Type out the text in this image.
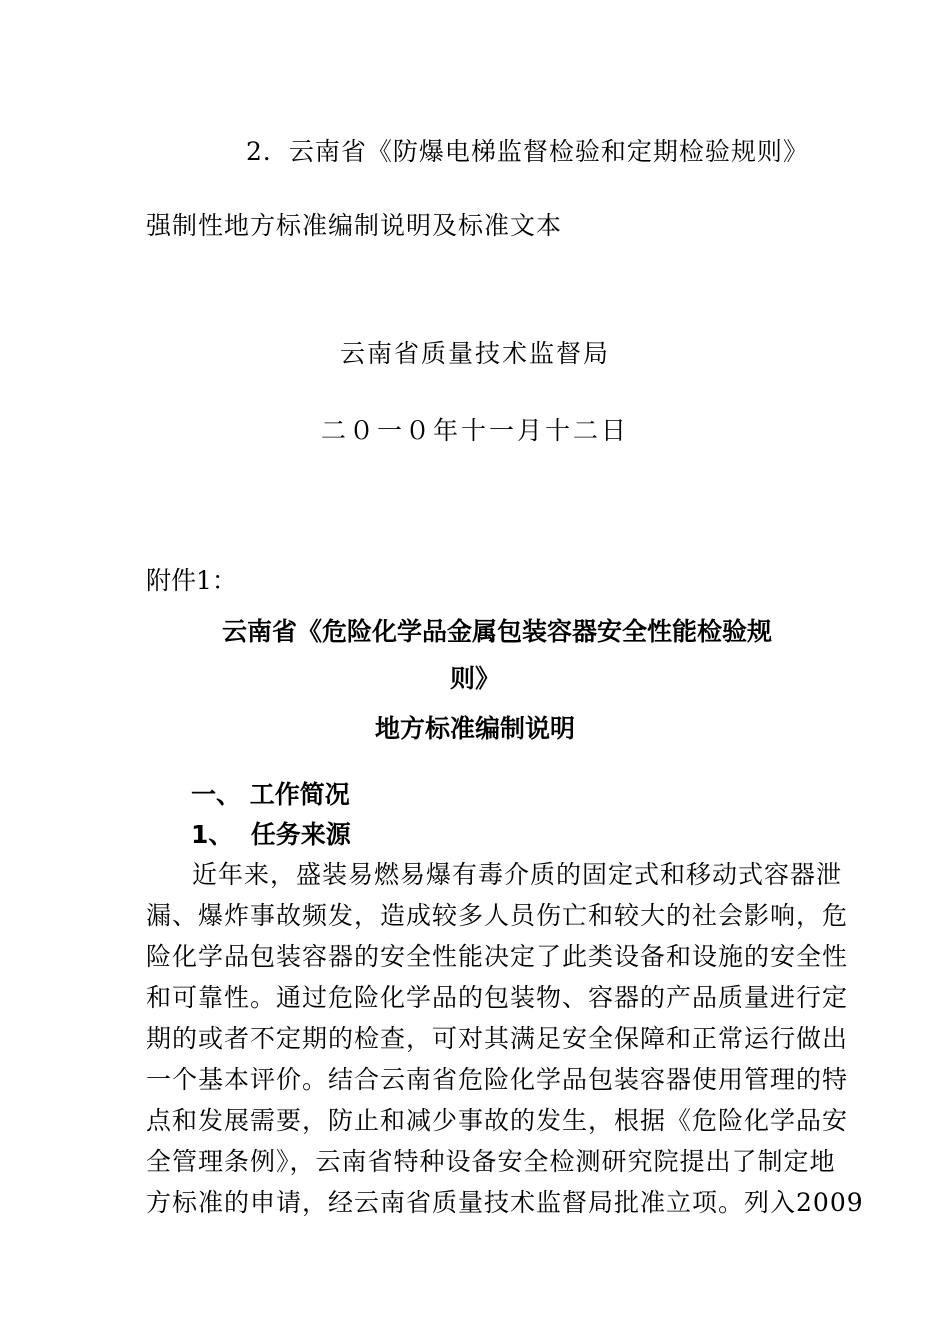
2．云南省《防爆电梯监督检验和定期检验规则》
强制性地方标准编制说明及标准文本
云南省质量技术监督局
二０一０年十一月十二日
附件1：
云南省《危险化学品金属包装容器安全性能检验规
则》
地方标准编制说明
一、 工作简况
1、  任务来源
近年来，盛装易燃易爆有毒介质的固定式和移动式容器泄
漏、爆炸事故频发，造成较多人员伤亡和较大的社会影响，危
险化学品包装容器的安全性能决定了此类设备和设施的安全性
和可靠性。通过危险化学品的包装物、容器的产品质量进行定
期的或者不定期的检查，可对其满足安全保障和正常运行做出
一个基本评价。结合云南省危险化学品包装容器使用管理的特
点和发展需要，防止和减少事故的发生，根据《危险化学品安
全管理条例》，云南省特种设备安全检测研究院提出了制定地
方标准的申请，经云南省质量技术监督局批准立项。列入2009
